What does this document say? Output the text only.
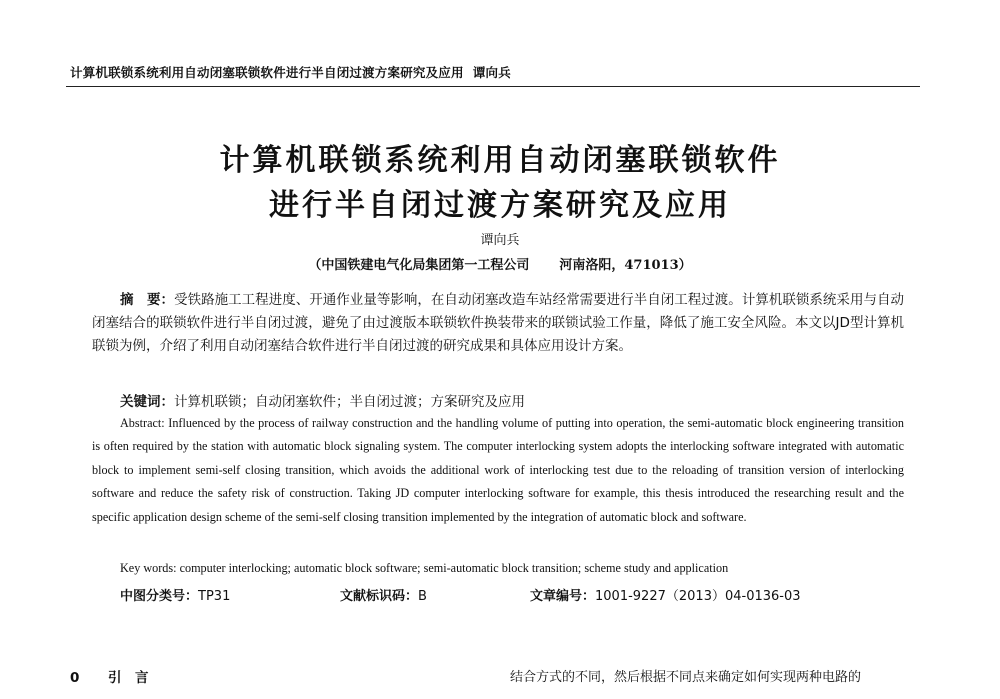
计算机联锁系统利用自动闭塞联锁软件进行半自闭过渡方案研究及应用 谭向兵
计算机联锁系统利用自动闭塞联锁软件
进行半自闭过渡方案研究及应用
谭向兵
（中国铁建电气化局集团第一工程公司 河南洛阳，471013）
摘　要：受铁路施工工程进度、开通作业量等影响，在自动闭塞改造车站经常需要进行半自闭工程过渡。计算机联锁系统采用与自动闭塞结合的联锁软件进行半自闭过渡，避免了由过渡版本联锁软件换装带来的联锁试验工作量，降低了施工安全风险。本文以JD型计算机联锁为例，介绍了利用自动闭塞结合软件进行半自闭过渡的研究成果和具体应用设计方案。
关键词：计算机联锁；自动闭塞软件；半自闭过渡；方案研究及应用
Abstract: Influenced by the process of railway construction and the handling volume of putting into operation, the semi-automatic block engineering transition is often required by the station with automatic block signaling system. The computer interlocking system adopts the interlocking software integrated with automatic block to implement semi-self closing transition, which avoids the additional work of interlocking test due to the reloading of transition version of interlocking software and reduce the safety risk of construction. Taking JD computer interlocking software for example, this thesis introduced the researching result and the specific application design scheme of the semi-self closing transition implemented by the integration of automatic block and software.
Key words: computer interlocking; automatic block software; semi-automatic block transition; scheme study and application
中图分类号：TP31	文献标识码：B	文章编号：1001-9227（2013）04-0136-03
0 引　言	结合方式的不同，然后根据不同点来确定如何实现两种电路的
